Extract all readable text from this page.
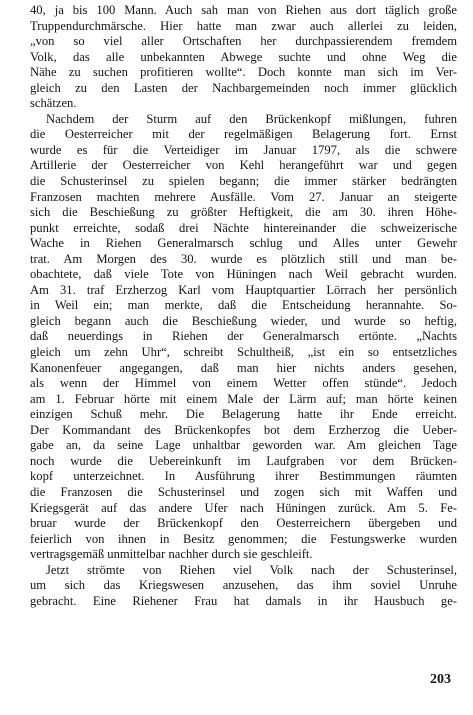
40, ja bis 100 Mann. Auch sah man von Riehen aus dort täglich große
Truppendurchmärsche. Hier hatte man zwar auch allerlei zu leiden,
„von so viel aller Ortschaften her durchpassierendem fremdem
Volk, das alle unbekannten Abwege suchte und ohne Weg die
Nähe zu suchen profitieren wollte“. Doch konnte man sich im Ver-
gleich zu den Lasten der Nachbargemeinden noch immer glücklich
schätzen.
Nachdem der Sturm auf den Brückenkopf mißlungen, fuhren
die Oesterreicher mit der regelmäßigen Belagerung fort. Ernst
wurde es für die Verteidiger im Januar 1797, als die schwere
Artillerie der Oesterreicher von Kehl herangeführt war und gegen
die Schusterinsel zu spielen begann; die immer stärker bedrängten
Franzosen machten mehrere Ausfälle. Vom 27. Januar an steigerte
sich die Beschießung zu größter Heftigkeit, die am 30. ihren Höhe-
punkt erreichte, sodaß drei Nächte hintereinander die schweizerische
Wache in Riehen Generalmarsch schlug und Alles unter Gewehr
trat. Am Morgen des 30. wurde es plötzlich still und man be-
obachtete, daß viele Tote von Hüningen nach Weil gebracht wurden.
Am 31. traf Erzherzog Karl vom Hauptquartier Lörrach her persönlich
in Weil ein; man merkte, daß die Entscheidung herannahte. So-
gleich begann auch die Beschießung wieder, und wurde so heftig,
daß neuerdings in Riehen der Generalmarsch ertönte. „Nachts
gleich um zehn Uhr“, schreibt Schultheiß, „ist ein so entsetzliches
Kanonenfeuer angegangen, daß man hier nichts anders gesehen,
als wenn der Himmel von einem Wetter offen stünde“. Jedoch
am 1. Februar hörte mit einem Male der Lärm auf; man hörte keinen
einzigen Schuß mehr. Die Belagerung hatte ihr Ende erreicht.
Der Kommandant des Brückenkopfes bot dem Erzherzog die Ueber-
gabe an, da seine Lage unhaltbar geworden war. Am gleichen Tage
noch wurde die Uebereinkunft im Laufgraben vor dem Brücken-
kopf unterzeichnet. In Ausführung ihrer Bestimmungen räumten
die Franzosen die Schusterinsel und zogen sich mit Waffen und
Kriegsgerät auf das andere Ufer nach Hüningen zurück. Am 5. Fe-
bruar wurde der Brückenkopf den Oesterreichern übergeben und
feierlich von ihnen in Besitz genommen; die Festungswerke wurden
vertragsgemäß unmittelbar nachher durch sie geschleift.
Jetzt strömte von Riehen viel Volk nach der Schusterinsel,
um sich das Kriegswesen anzusehen, das ihm soviel Unruhe
gebracht. Eine Riehener Frau hat damals in ihr Hausbuch ge-
203
